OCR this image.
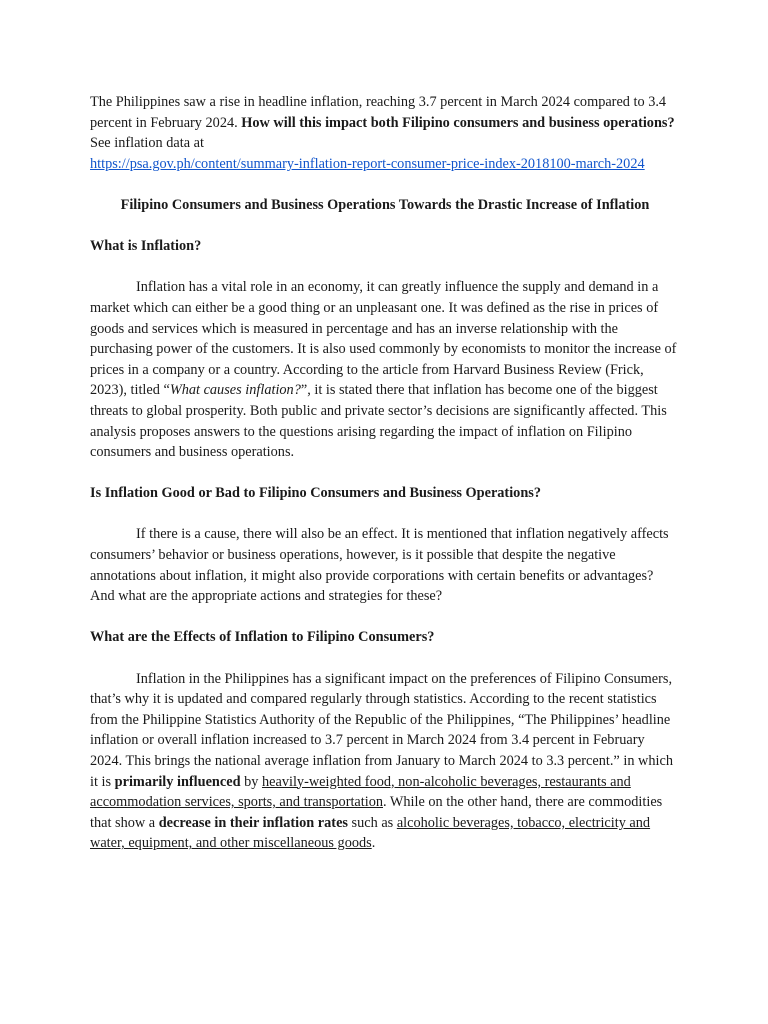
The Philippines saw a rise in headline inflation, reaching 3.7 percent in March 2024 compared to 3.4 percent in February 2024. How will this impact both Filipino consumers and business operations? See inflation data at
https://psa.gov.ph/content/summary-inflation-report-consumer-price-index-2018100-march-2024

Filipino Consumers and Business Operations Towards the Drastic Increase of Inflation

What is Inflation?

Inflation has a vital role in an economy, it can greatly influence the supply and demand in a market which can either be a good thing or an unpleasant one. It was defined as the rise in prices of goods and services which is measured in percentage and has an inverse relationship with the purchasing power of the customers. It is also used commonly by economists to monitor the increase of prices in a company or a country. According to the article from Harvard Business Review (Frick, 2023), titled “What causes inflation?”, it is stated there that inflation has become one of the biggest threats to global prosperity. Both public and private sector’s decisions are significantly affected. This analysis proposes answers to the questions arising regarding the impact of inflation on Filipino consumers and business operations.

Is Inflation Good or Bad to Filipino Consumers and Business Operations?

If there is a cause, there will also be an effect. It is mentioned that inflation negatively affects consumers’ behavior or business operations, however, is it possible that despite the negative annotations about inflation, it might also provide corporations with certain benefits or advantages? And what are the appropriate actions and strategies for these?

What are the Effects of Inflation to Filipino Consumers?

Inflation in the Philippines has a significant impact on the preferences of Filipino Consumers, that’s why it is updated and compared regularly through statistics. According to the recent statistics from the Philippine Statistics Authority of the Republic of the Philippines, “The Philippines’ headline inflation or overall inflation increased to 3.7 percent in March 2024 from 3.4 percent in February 2024. This brings the national average inflation from January to March 2024 to 3.3 percent.” in which it is primarily influenced by heavily-weighted food, non-alcoholic beverages, restaurants and accommodation services, sports, and transportation. While on the other hand, there are commodities that show a decrease in their inflation rates such as alcoholic beverages, tobacco, electricity and water, equipment, and other miscellaneous goods.
